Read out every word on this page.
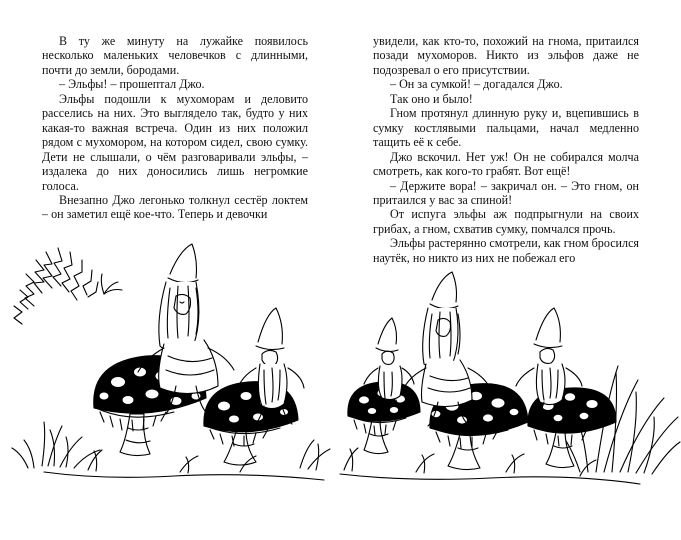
В ту же минуту на лужайке появилось несколько маленьких человечков с длинными, почти до земли, бородами.

– Эльфы! – прошептал Джо.

Эльфы подошли к мухоморам и деловито расселись на них. Это выглядело так, будто у них какая-то важная встреча. Один из них положил рядом с мухомором, на котором сидел, свою сумку. Дети не слышали, о чём разговаривали эльфы, – издалека до них доносились лишь негромкие голоса.

Внезапно Джо легонько толкнул сестёр локтем – он заметил ещё кое-что. Теперь и девочки

увидели, как кто-то, похожий на гнома, притаился позади мухоморов. Никто из эльфов даже не подозревал о его присутствии.

– Он за сумкой! – догадался Джо.

Так оно и было!

Гном протянул длинную руку и, вцепившись в сумку костлявыми пальцами, начал медленно тащить её к себе.

Джо вскочил. Нет уж! Он не собирался молча смотреть, как кого-то грабят. Вот ещё!

– Держите вора! – закричал он. – Это гном, он притаился у вас за спиной!

От испуга эльфы аж подпрыгнули на своих грибах, а гном, схватив сумку, помчался прочь.

Эльфы растерянно смотрели, как гном бросился наутёк, но никто из них не побежал его
